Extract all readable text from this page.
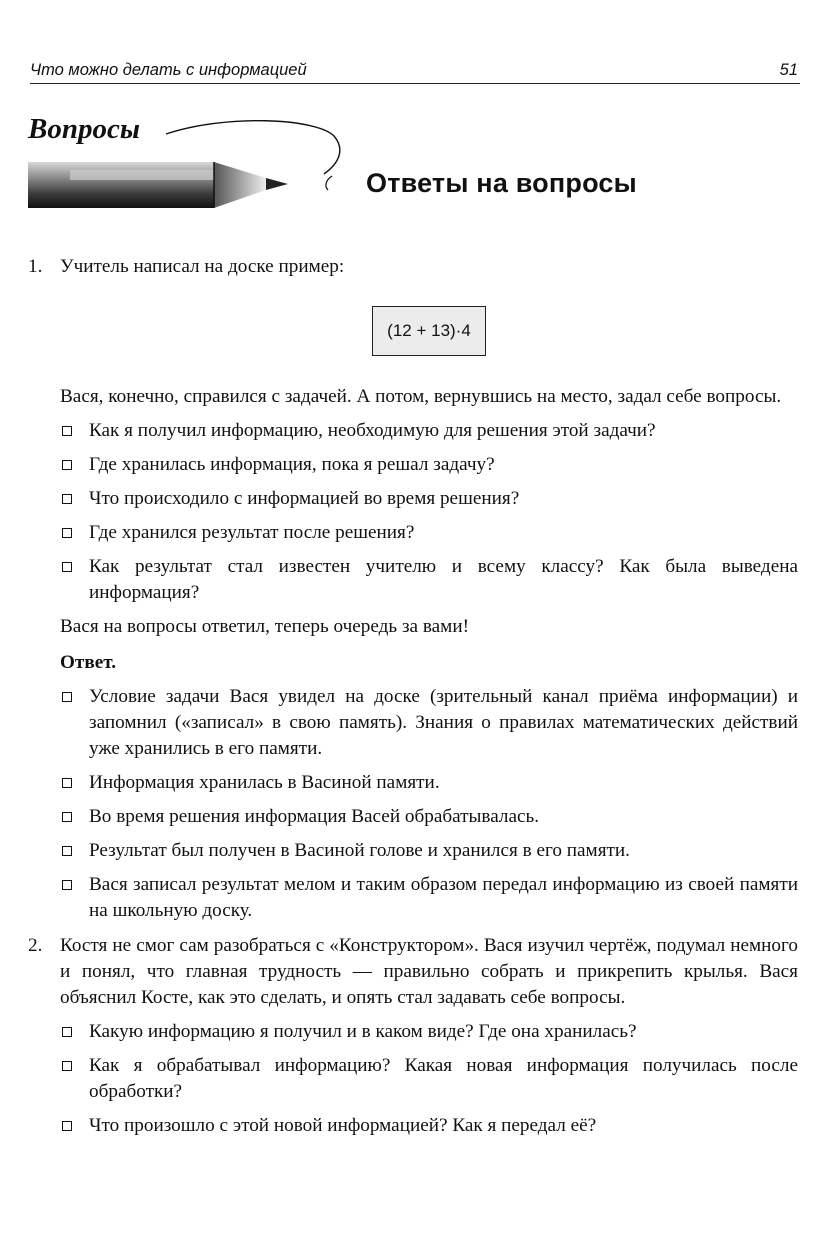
Что можно делать с информацией	51
Вопросы
Ответы на вопросы
1. Учитель написал на доске пример:

(12 + 13)·4

Вася, конечно, справился с задачей. А потом, вернувшись на место, задал себе вопросы.

Как я получил информацию, необходимую для решения этой задачи?
Где хранилась информация, пока я решал задачу?
Что происходило с информацией во время решения?
Где хранился результат после решения?
Как результат стал известен учителю и всему классу? Как была выведена информация?

Вася на вопросы ответил, теперь очередь за вами!

Ответ.

Условие задачи Вася увидел на доске (зрительный канал приёма информации) и запомнил («записал» в свою память). Знания о правилах математических действий уже хранились в его памяти.
Информация хранилась в Васиной памяти.
Во время решения информация Васей обрабатывалась.
Результат был получен в Васиной голове и хранился в его памяти.
Вася записал результат мелом и таким образом передал информацию из своей памяти на школьную доску.
2. Костя не смог сам разобраться с «Конструктором». Вася изучил чертёж, подумал немного и понял, что главная трудность — правильно собрать и прикрепить крылья. Вася объяснил Косте, как это сделать, и опять стал задавать себе вопросы.

Какую информацию я получил и в каком виде? Где она хранилась?
Как я обрабатывал информацию? Какая новая информация получилась после обработки?
Что произошло с этой новой информацией? Как я передал её?
